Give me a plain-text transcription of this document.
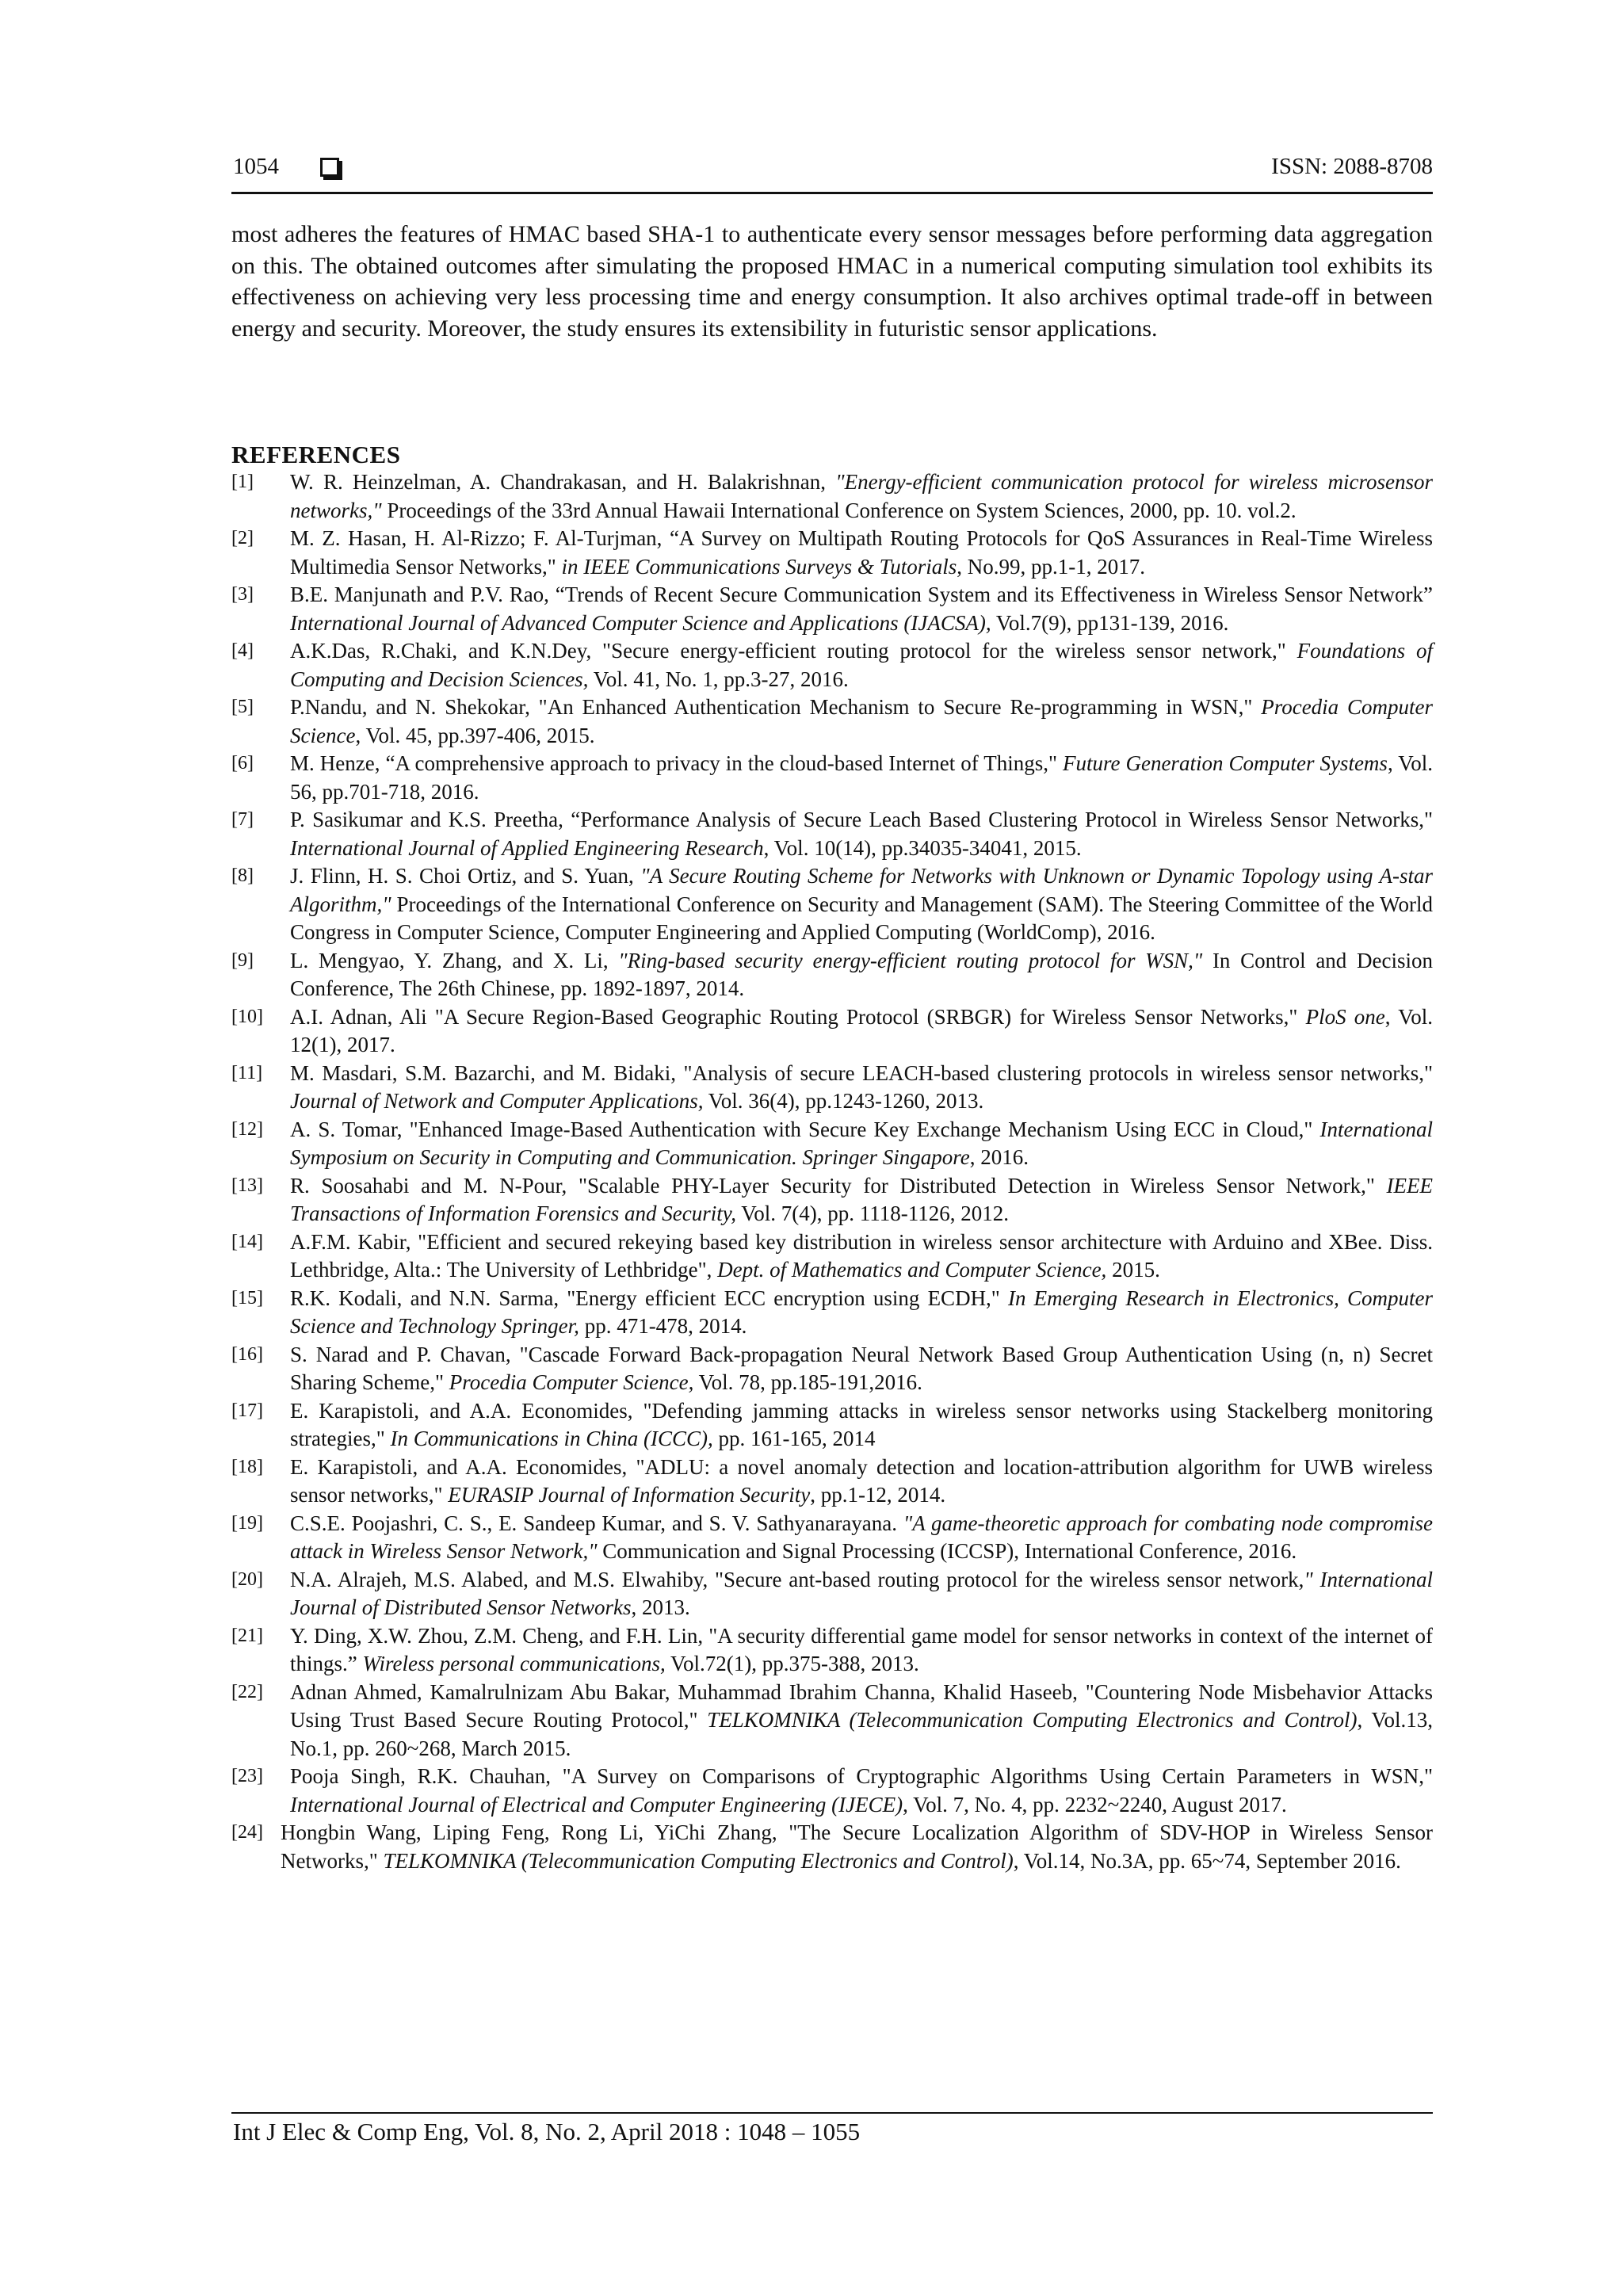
1054	ISSN: 2088-8708

most adheres the features of HMAC based SHA-1 to authenticate every sensor messages before performing data aggregation on this. The obtained outcomes after simulating the proposed HMAC in a numerical computing simulation tool exhibits its effectiveness on achieving very less processing time and energy consumption. It also archives optimal trade-off in between energy and security. Moreover, the study ensures its extensibility in futuristic sensor applications.

REFERENCES
[1] W. R. Heinzelman, A. Chandrakasan, and H. Balakrishnan, "Energy-efficient communication protocol for wireless microsensor networks," Proceedings of the 33rd Annual Hawaii International Conference on System Sciences, 2000, pp. 10. vol.2.
[2] M. Z. Hasan, H. Al-Rizzo; F. Al-Turjman, “A Survey on Multipath Routing Protocols for QoS Assurances in Real-Time Wireless Multimedia Sensor Networks," in IEEE Communications Surveys & Tutorials, No.99, pp.1-1, 2017.
[3] B.E. Manjunath and P.V. Rao, “Trends of Recent Secure Communication System and its Effectiveness in Wireless Sensor Network” International Journal of Advanced Computer Science and Applications (IJACSA), Vol.7(9), pp131-139, 2016.
[4] A.K.Das, R.Chaki, and K.N.Dey, "Secure energy-efficient routing protocol for the wireless sensor network," Foundations of Computing and Decision Sciences, Vol. 41, No. 1, pp.3-27, 2016.
[5] P.Nandu, and N. Shekokar, "An Enhanced Authentication Mechanism to Secure Re-programming in WSN," Procedia Computer Science, Vol. 45, pp.397-406, 2015.
[6] M. Henze, “A comprehensive approach to privacy in the cloud-based Internet of Things," Future Generation Computer Systems, Vol. 56, pp.701-718, 2016.
[7] P. Sasikumar and K.S. Preetha, “Performance Analysis of Secure Leach Based Clustering Protocol in Wireless Sensor Networks," International Journal of Applied Engineering Research, Vol. 10(14), pp.34035-34041, 2015.
[8] J. Flinn, H. S. Choi Ortiz, and S. Yuan, "A Secure Routing Scheme for Networks with Unknown or Dynamic Topology using A-star Algorithm," Proceedings of the International Conference on Security and Management (SAM). The Steering Committee of the World Congress in Computer Science, Computer Engineering and Applied Computing (WorldComp), 2016.
[9] L. Mengyao, Y. Zhang, and X. Li, "Ring-based security energy-efficient routing protocol for WSN," In Control and Decision Conference, The 26th Chinese, pp. 1892-1897, 2014.
[10] A.I. Adnan, Ali "A Secure Region-Based Geographic Routing Protocol (SRBGR) for Wireless Sensor Networks," PloS one, Vol. 12(1), 2017.
[11] M. Masdari, S.M. Bazarchi, and M. Bidaki, "Analysis of secure LEACH-based clustering protocols in wireless sensor networks," Journal of Network and Computer Applications, Vol. 36(4), pp.1243-1260, 2013.
[12] A. S. Tomar, "Enhanced Image-Based Authentication with Secure Key Exchange Mechanism Using ECC in Cloud," International Symposium on Security in Computing and Communication. Springer Singapore, 2016.
[13] R. Soosahabi and M. N-Pour, "Scalable PHY-Layer Security for Distributed Detection in Wireless Sensor Network," IEEE Transactions of Information Forensics and Security, Vol. 7(4), pp. 1118-1126, 2012.
[14] A.F.M. Kabir, "Efficient and secured rekeying based key distribution in wireless sensor architecture with Arduino and XBee. Diss. Lethbridge, Alta.: The University of Lethbridge", Dept. of Mathematics and Computer Science, 2015.
[15] R.K. Kodali, and N.N. Sarma, "Energy efficient ECC encryption using ECDH," In Emerging Research in Electronics, Computer Science and Technology Springer, pp. 471-478, 2014.
[16] S. Narad and P. Chavan, "Cascade Forward Back-propagation Neural Network Based Group Authentication Using (n, n) Secret Sharing Scheme," Procedia Computer Science, Vol. 78, pp.185-191,2016.
[17] E. Karapistoli, and A.A. Economides, "Defending jamming attacks in wireless sensor networks using Stackelberg monitoring strategies," In Communications in China (ICCC), pp. 161-165, 2014
[18] E. Karapistoli, and A.A. Economides, "ADLU: a novel anomaly detection and location-attribution algorithm for UWB wireless sensor networks," EURASIP Journal of Information Security, pp.1-12, 2014.
[19] C.S.E. Poojashri, C. S., E. Sandeep Kumar, and S. V. Sathyanarayana. "A game-theoretic approach for combating node compromise attack in Wireless Sensor Network," Communication and Signal Processing (ICCSP), International Conference, 2016.
[20] N.A. Alrajeh, M.S. Alabed, and M.S. Elwahiby, "Secure ant-based routing protocol for the wireless sensor network," International Journal of Distributed Sensor Networks, 2013.
[21] Y. Ding, X.W. Zhou, Z.M. Cheng, and F.H. Lin, "A security differential game model for sensor networks in context of the internet of things.” Wireless personal communications, Vol.72(1), pp.375-388, 2013.
[22] Adnan Ahmed, Kamalrulnizam Abu Bakar, Muhammad Ibrahim Channa, Khalid Haseeb, "Countering Node Misbehavior Attacks Using Trust Based Secure Routing Protocol," TELKOMNIKA (Telecommunication Computing Electronics and Control), Vol.13, No.1, pp. 260~268, March 2015.
[23] Pooja Singh, R.K. Chauhan, "A Survey on Comparisons of Cryptographic Algorithms Using Certain Parameters in WSN," International Journal of Electrical and Computer Engineering (IJECE), Vol. 7, No. 4, pp. 2232~2240, August 2017.
[24] Hongbin Wang, Liping Feng, Rong Li, YiChi Zhang, "The Secure Localization Algorithm of SDV-HOP in Wireless Sensor Networks," TELKOMNIKA (Telecommunication Computing Electronics and Control), Vol.14, No.3A, pp. 65~74, September 2016.
Int J Elec & Comp Eng, Vol. 8, No. 2, April 2018 : 1048 – 1055
